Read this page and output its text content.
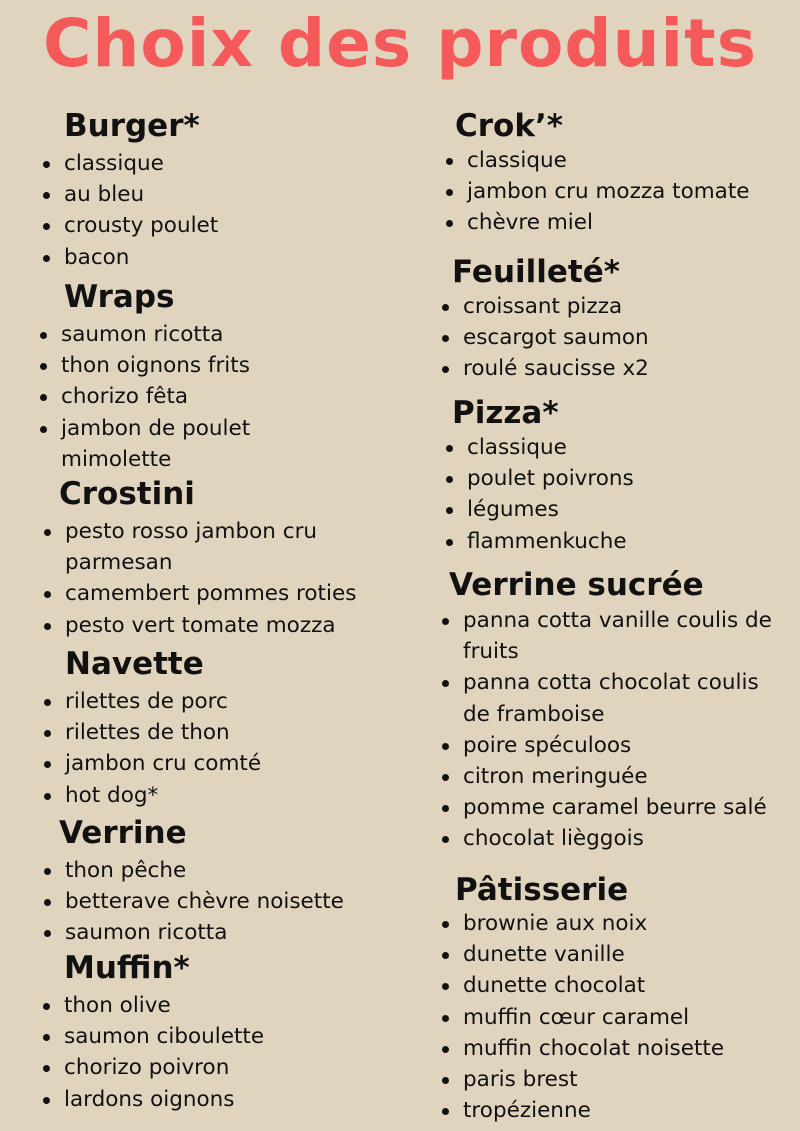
Choix des produits
Burger*
classique
au bleu
crousty poulet
bacon
Wraps
saumon ricotta
thon oignons frits
chorizo fêta
jambon de poulet mimolette
Crostini
pesto rosso jambon cru parmesan
camembert pommes roties
pesto vert tomate mozza
Navette
rilettes de porc
rilettes de thon
jambon cru comté
hot dog*
Verrine
thon pêche
betterave chèvre noisette
saumon ricotta
Muffin*
thon olive
saumon ciboulette
chorizo poivron
lardons oignons
Crok’*
classique
jambon cru mozza tomate
chèvre miel
Feuilleté*
croissant pizza
escargot saumon
roulé saucisse x2
Pizza*
classique
poulet poivrons
légumes
flammenkuche
Verrine sucrée
panna cotta vanille coulis de fruits
panna cotta chocolat coulis de framboise
poire spéculoos
citron meringuée
pomme caramel beurre salé
chocolat lièggois
Pâtisserie
brownie aux noix
dunette vanille
dunette chocolat
muffin cœur caramel
muffin chocolat noisette
paris brest
tropézienne
